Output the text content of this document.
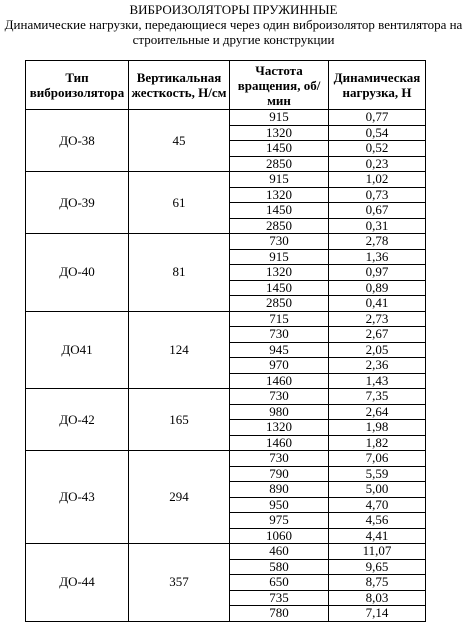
ВИБРОИЗОЛЯТОРЫ ПРУЖИННЫЕ
Динамические нагрузки, передающиеся через один виброизолятор вентилятора на строительные и другие конструкции
Тип виброизолятора	Вертикальная жесткость, Н/см	Частота вращения, об/мин	Динамическая нагрузка, Н
ДО-38	45	915	0,77
		1320	0,54
		1450	0,52
		2850	0,23
ДО-39	61	915	1,02
		1320	0,73
		1450	0,67
		2850	0,31
ДО-40	81	730	2,78
		915	1,36
		1320	0,97
		1450	0,89
		2850	0,41
ДО41	124	715	2,73
		730	2,67
		945	2,05
		970	2,36
		1460	1,43
ДО-42	165	730	7,35
		980	2,64
		1320	1,98
		1460	1,82
ДО-43	294	730	7,06
		790	5,59
		890	5,00
		950	4,70
		975	4,56
		1060	4,41
ДО-44	357	460	11,07
		580	9,65
		650	8,75
		735	8,03
		780	7,14
